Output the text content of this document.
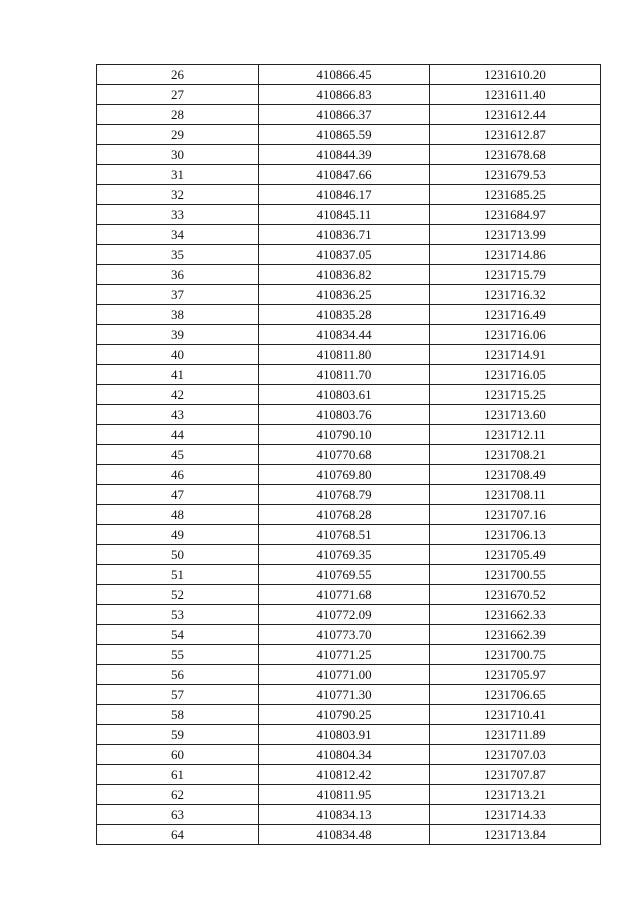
26	410866.45	1231610.20
27	410866.83	1231611.40
28	410866.37	1231612.44
29	410865.59	1231612.87
30	410844.39	1231678.68
31	410847.66	1231679.53
32	410846.17	1231685.25
33	410845.11	1231684.97
34	410836.71	1231713.99
35	410837.05	1231714.86
36	410836.82	1231715.79
37	410836.25	1231716.32
38	410835.28	1231716.49
39	410834.44	1231716.06
40	410811.80	1231714.91
41	410811.70	1231716.05
42	410803.61	1231715.25
43	410803.76	1231713.60
44	410790.10	1231712.11
45	410770.68	1231708.21
46	410769.80	1231708.49
47	410768.79	1231708.11
48	410768.28	1231707.16
49	410768.51	1231706.13
50	410769.35	1231705.49
51	410769.55	1231700.55
52	410771.68	1231670.52
53	410772.09	1231662.33
54	410773.70	1231662.39
55	410771.25	1231700.75
56	410771.00	1231705.97
57	410771.30	1231706.65
58	410790.25	1231710.41
59	410803.91	1231711.89
60	410804.34	1231707.03
61	410812.42	1231707.87
62	410811.95	1231713.21
63	410834.13	1231714.33
64	410834.48	1231713.84
